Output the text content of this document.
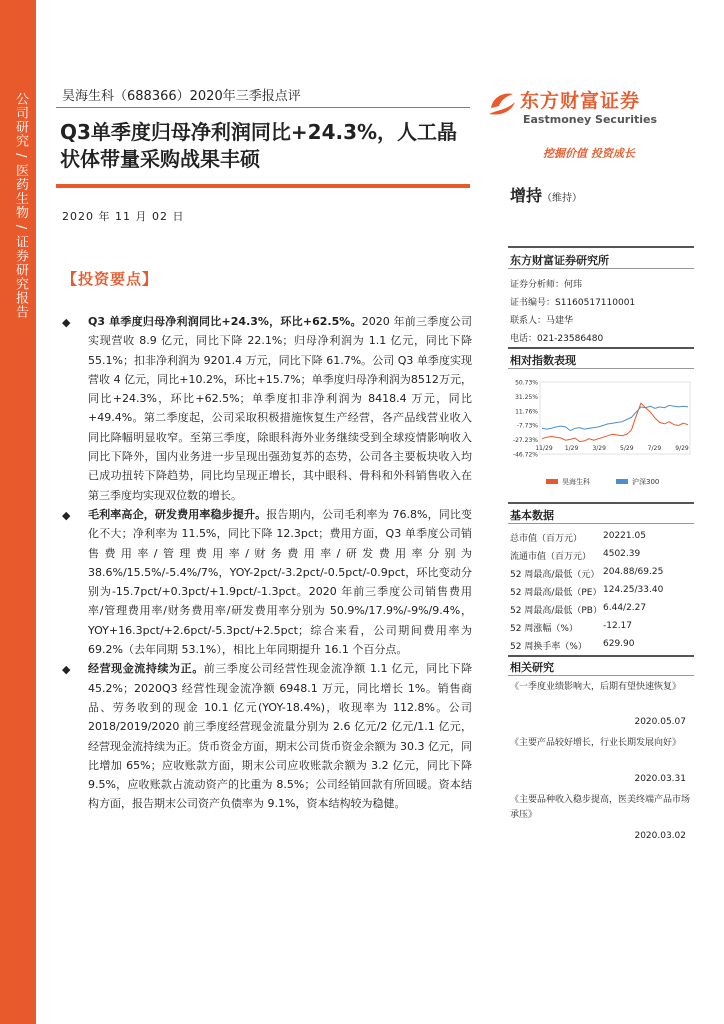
公司研究 / 医药生物 / 证券研究报告	昊海生科（688366）2020年三季报点评
Q3单季度归母净利润同比+24.3%，人工晶状体带量采购战果丰硕
2020 年 11 月 02 日
【投资要点】
◆ Q3 单季度归母净利润同比+24.3%，环比+62.5%。2020 年前三季度公司实现营收 8.9 亿元，同比下降 22.1%；归母净利润为 1.1 亿元，同比下降 55.1%；扣非净利润为 9201.4 万元，同比下降 61.7%。公司 Q3 单季度实现营收 4 亿元，同比+10.2%，环比+15.7%；单季度归母净利润为8512万元，同比+24.3%，环比+62.5%；单季度扣非净利润为 8418.4 万元，同比+49.4%。第二季度起，公司采取积极措施恢复生产经营，各产品线营业收入同比降幅明显收窄。至第三季度，除眼科海外业务继续受到全球疫情影响收入同比下降外，国内业务进一步呈现出强劲复苏的态势，公司各主要板块收入均已成功扭转下降趋势，同比均呈现正增长，其中眼科、骨科和外科销售收入在第三季度均实现双位数的增长。

◆ 毛利率高企，研发费用率稳步提升。报告期内，公司毛利率为 76.8%，同比变化不大；净利率为 11.5%，同比下降 12.3pct；费用方面，Q3 单季度公司销售费用率/管理费用率/财务费用率/研发费用率分别为 38.6%/15.5%/-5.4%/7%，YOY-2pct/-3.2pct/-0.5pct/-0.9pct，环比变动分别为-15.7pct/+0.3pct/+1.9pct/-1.3pct。2020 年前三季度公司销售费用率/管理费用率/财务费用率/研发费用率分别为 50.9%/17.9%/-9%/9.4%，YOY+16.3pct/+2.6pct/-5.3pct/+2.5pct；综合来看，公司期间费用率为 69.2%（去年同期 53.1%），相比上年同期提升 16.1 个百分点。

◆ 经营现金流持续为正。前三季度公司经营性现金流净额 1.1 亿元，同比下降 45.2%；2020Q3 经营性现金流净额 6948.1 万元，同比增长 1%。销售商品、劳务收到的现金 10.1 亿元(YOY-18.4%)，收现率为 112.8%。公司 2018/2019/2020 前三季度经营现金流量分别为 2.6 亿元/2 亿元/1.1 亿元，经营现金流持续为正。货币资金方面，期末公司货币资金余额为 30.3 亿元，同比增加 65%；应收账款方面，期末公司应收账款余额为 3.2 亿元，同比下降 9.5%，应收账款占流动资产的比重为 8.5%；公司经销回款有所回暖。资本结构方面，报告期末公司资产负债率为 9.1%，资本结构较为稳健。

东方财富证券
Eastmoney Securities
挖掘价值 投资成长
增持（维持）
东方财富证券研究所
证券分析师：何玮
证书编号：S1160517110001
联系人：马建华
电话：021-23586480
相对指数表现
50.73%
31.25%
11.76%
-7.73%
-27.23%
-46.72%
11/29 1/29 3/29 5/29 7/29 9/29
昊海生科	沪深300
基本数据
总市值（百万元） 20221.05
流通市值（百万元） 4502.39
52 周最高/最低（元） 204.88/69.25
52 周最高/最低（PE） 124.25/33.40
52 周最高/最低（PB） 6.44/2.27
52 周涨幅（%）	-12.17
52 周换手率（%） 629.90
相关研究
《一季度业绩影响大，后期有望快速恢复》
2020.05.07
《主要产品较好增长，行业长期发展向好》
2020.03.31
《主要品种收入稳步提高，医美终端产品市场承压》
2020.03.02
